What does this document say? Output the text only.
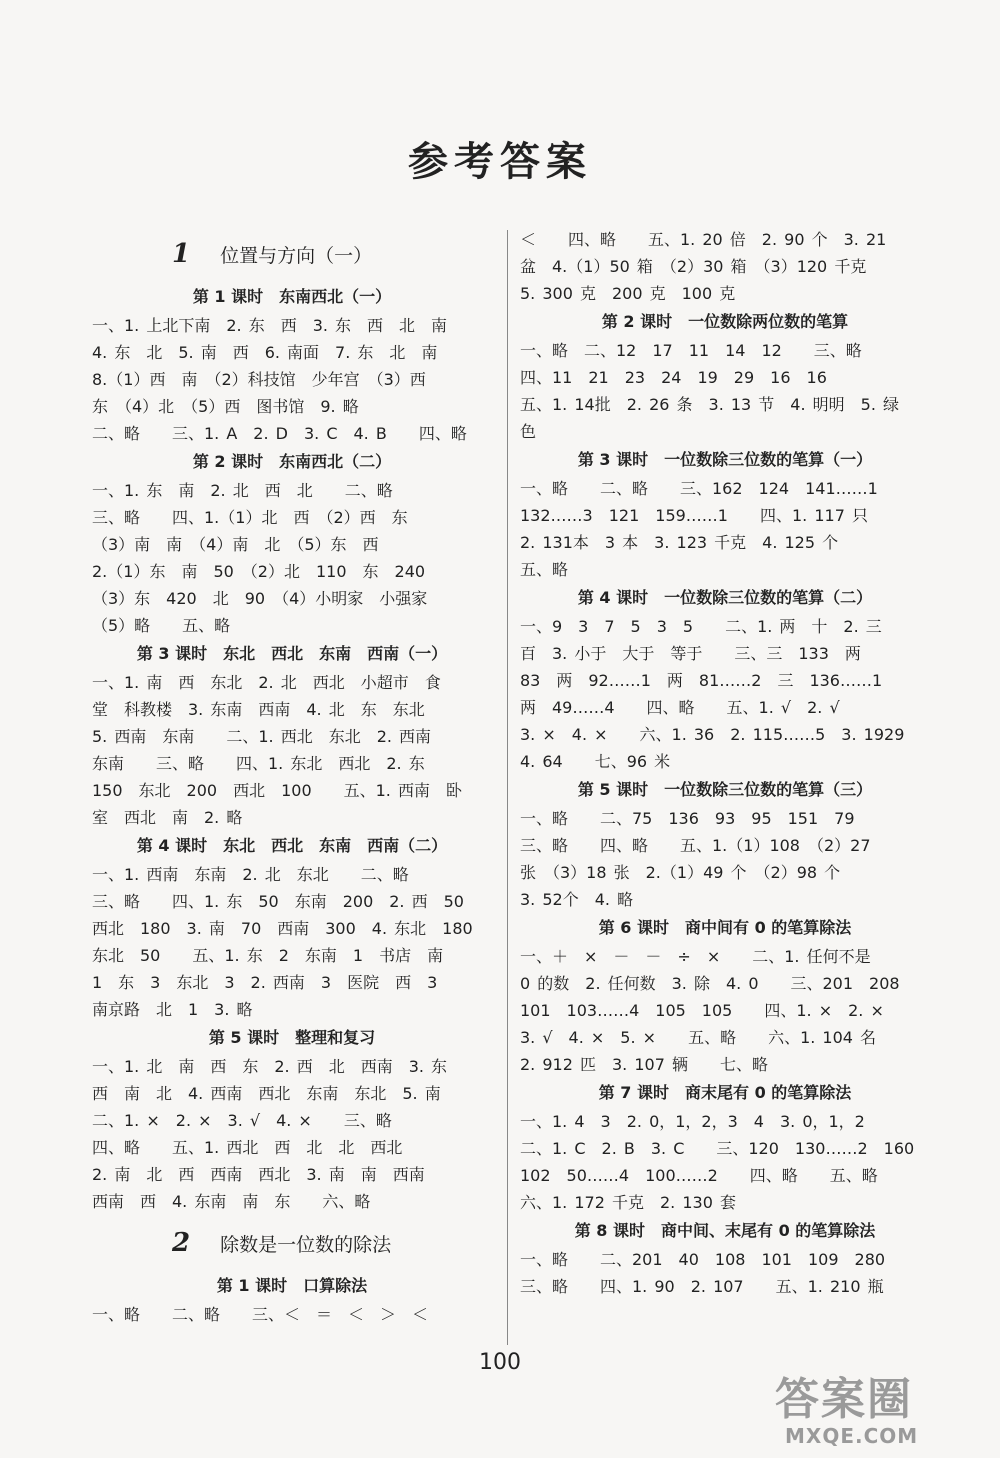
参考答案
1 位置与方向（一）
第 1 课时　东南西北（一）
一、1. 上北下南　2. 东　西　3. 东　西　北　南
4. 东　北　5. 南　西　6. 南面　7. 东　北　南
8.（1）西　南　（2）科技馆　少年宫　（3）西
东　（4）北　（5）西　图书馆　9. 略
二、略　　三、1. A　2. D　3. C　4. B　　四、略
第 2 课时　东南西北（二）
一、1. 东　南　2. 北　西　北　　二、略
三、略　　四、1.（1）北　西　（2）西　东
（3）南　南　（4）南　北　（5）东　西
2.（1）东　南　50　（2）北　110　东　240
（3）东　420　北　90　（4）小明家　小强家
（5）略　　五、略
第 3 课时　东北　西北　东南　西南（一）
一、1. 南　西　东北　2. 北　西北　小超市　食
堂　科教楼　3. 东南　西南　4. 北　东　东北
5. 西南　东南　　二、1. 西北　东北　2. 西南
东南　　三、略　　四、1. 东北　西北　2. 东
150　东北　200　西北　100　　五、1. 西南　卧
室　西北　南　2. 略
第 4 课时　东北　西北　东南　西南（二）
一、1. 西南　东南　2. 北　东北　　二、略
三、略　　四、1. 东　50　东南　200　2. 西　50
西北　180　3. 南　70　西南　300　4. 东北　180
东北　50　　五、1. 东　2　东南　1　书店　南
1　东　3　东北　3　2. 西南　3　医院　西　3
南京路　北　1　3. 略
第 5 课时　整理和复习
一、1. 北　南　西　东　2. 西　北　西南　3. 东
西　南　北　4. 西南　西北　东南　东北　5. 南
二、1. ×　2. ×　3. √　4. ×　　三、略
四、略　　五、1. 西北　西　北　北　西北
2. 南　北　西　西南　西北　3. 南　南　西南
西南　西　4. 东南　南　东　　六、略
2 除数是一位数的除法
第 1 课时　口算除法
一、略　　二、略　　三、＜　＝　＜　＞　＜
＜　　四、略　　五、1. 20 倍　2. 90 个　3. 21
盆　4.（1）50 箱　（2）30 箱　（3）120 千克
5. 300 克　200 克　100 克
第 2 课时　一位数除两位数的笔算
一、略　二、12　17　11　14　12　　三、略
四、11　21　23　24　19　29　16　16
五、1. 14批　2. 26 条　3. 13 节　4. 明明　5. 绿
色
第 3 课时　一位数除三位数的笔算（一）
一、略　　二、略　　三、162　124　141……1
132……3　121　159……1　　四、1. 117 只
2. 131本　3 本　3. 123 千克　4. 125 个
五、略
第 4 课时　一位数除三位数的笔算（二）
一、9　3　7　5　3　5　　二、1. 两　十　2. 三
百　3. 小于　大于　等于　　三、三　133　两
83　两　92……1　两　81……2　三　136……1
两　49……4　　四、略　　五、1. √　2. √
3. ×　4. ×　　六、1. 36　2. 115……5　3. 1929
4. 64　　七、96 米
第 5 课时　一位数除三位数的笔算（三）
一、略　　二、75　136　93　95　151　79
三、略　　四、略　　五、1.（1）108　（2）27
张　（3）18 张　2.（1）49 个　（2）98 个
3. 52个　4. 略
第 6 课时　商中间有 0 的笔算除法
一、＋　×　－　－　÷　×　　二、1. 任何不是
0 的数　2. 任何数　3. 除　4. 0　　三、201　208
101　103……4　105　105　　四、1. ×　2. ×
3. √　4. ×　5. ×　　五、略　　六、1. 104 名
2. 912 匹　3. 107 辆　　七、略
第 7 课时　商末尾有 0 的笔算除法
一、1. 4　3　2. 0，1，2，3　4　3. 0，1，2
二、1. C　2. B　3. C　　三、120　130……2　160
102　50……4　100……2　　四、略　　五、略
六、1. 172 千克　2. 130 套
第 8 课时　商中间、末尾有 0 的笔算除法
一、略　　二、201　40　108　101　109　280
三、略　　四、1. 90　2. 107　　五、1. 210 瓶
100
答案圈
MXQE.COM
